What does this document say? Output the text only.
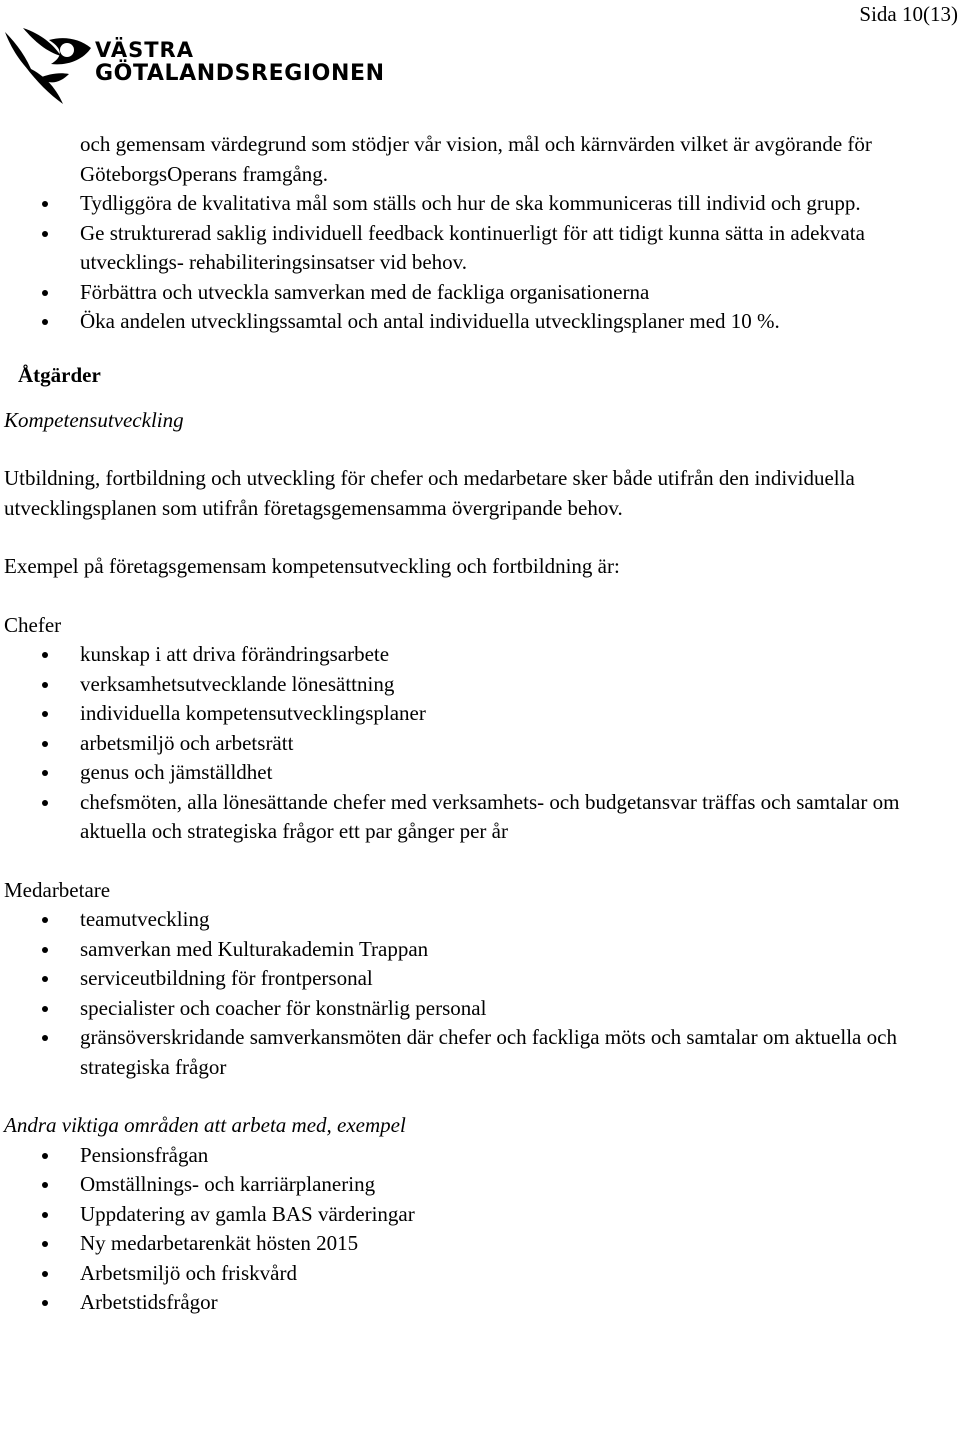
Sida 10(13)
VÄSTRA
GÖTALANDSREGIONEN
och gemensam värdegrund som stödjer vår vision, mål och kärnvärden vilket är avgörande för GöteborgsOperans framgång.
Tydliggöra de kvalitativa mål som ställs och hur de ska kommuniceras till individ och grupp.
Ge strukturerad saklig individuell feedback kontinuerligt för att tidigt kunna sätta in adekvata utvecklings- rehabiliteringsinsatser vid behov.
Förbättra och utveckla samverkan med de fackliga organisationerna
Öka andelen utvecklingssamtal och antal individuella utvecklingsplaner med 10 %.
Åtgärder

Kompetensutveckling

Utbildning, fortbildning och utveckling för chefer och medarbetare sker både utifrån den individuella utvecklingsplanen som utifrån företagsgemensamma övergripande behov.

Exempel på företagsgemensam kompetensutveckling och fortbildning är:

Chefer

kunskap i att driva förändringsarbete
verksamhetsutvecklande lönesättning
individuella kompetensutvecklingsplaner
arbetsmiljö och arbetsrätt
genus och jämställdhet
chefsmöten, alla lönesättande chefer med verksamhets- och budgetansvar träffas och samtalar om aktuella och strategiska frågor ett par gånger per år

Medarbetare

teamutveckling
samverkan med Kulturakademin Trappan
serviceutbildning för frontpersonal
specialister och coacher för konstnärlig personal
gränsöverskridande samverkansmöten där chefer och fackliga möts och samtalar om aktuella och strategiska frågor

Andra viktiga områden att arbeta med, exempel

Pensionsfrågan
Omställnings- och karriärplanering
Uppdatering av gamla BAS värderingar
Ny medarbetarenkät hösten 2015
Arbetsmiljö och friskvård
Arbetstidsfrågor
